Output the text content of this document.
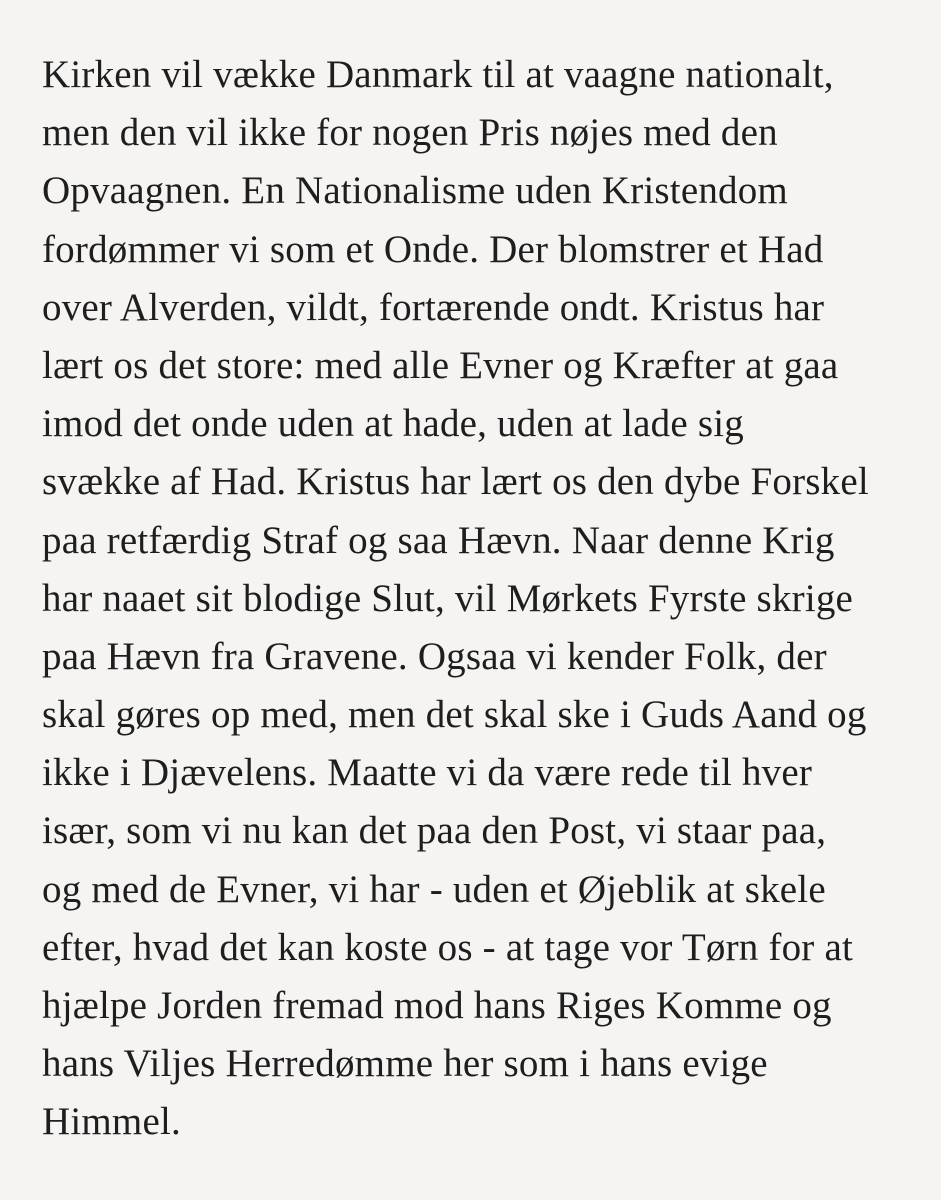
Kirken vil vække Danmark til at vaagne nationalt,
men den vil ikke for nogen Pris nøjes med den
Opvaagnen. En Nationalisme uden Kristendom
fordømmer vi som et Onde. Der blomstrer et Had
over Alverden, vildt, fortærende ondt. Kristus har
lært os det store: med alle Evner og Kræfter at gaa
imod det onde uden at hade, uden at lade sig
svække af Had. Kristus har lært os den dybe Forskel
paa retfærdig Straf og saa Hævn. Naar denne Krig
har naaet sit blodige Slut, vil Mørkets Fyrste skrige
paa Hævn fra Gravene. Ogsaa vi kender Folk, der
skal gøres op med, men det skal ske i Guds Aand og
ikke i Djævelens. Maatte vi da være rede til hver
især, som vi nu kan det paa den Post, vi staar paa,
og med de Evner, vi har - uden et Øjeblik at skele
efter, hvad det kan koste os - at tage vor Tørn for at
hjælpe Jorden fremad mod hans Riges Komme og
hans Viljes Herredømme her som i hans evige
Himmel.
